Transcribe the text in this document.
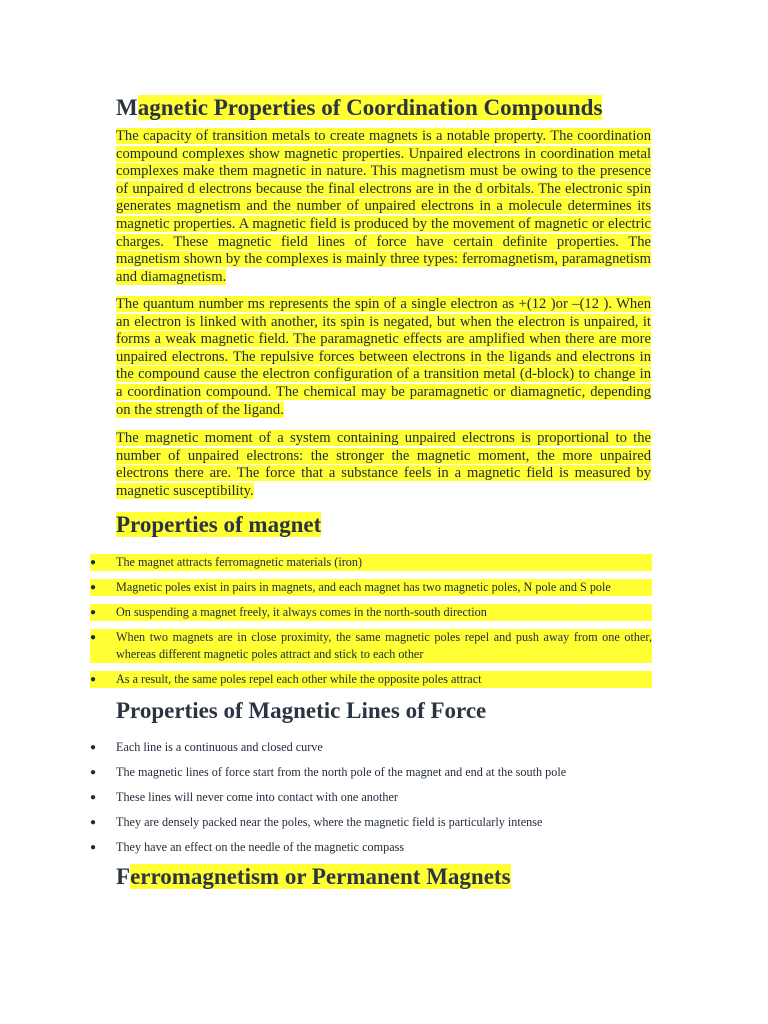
Magnetic Properties of Coordination Compounds

The capacity of transition metals to create magnets is a notable property. The coordination compound complexes show magnetic properties. Unpaired electrons in coordination metal complexes make them magnetic in nature. This magnetism must be owing to the presence of unpaired d electrons because the final electrons are in the d orbitals. The electronic spin generates magnetism and the number of unpaired electrons in a molecule determines its magnetic properties. A magnetic field is produced by the movement of magnetic or electric charges. These magnetic field lines of force have certain definite properties. The magnetism shown by the complexes is mainly three types: ferromagnetism, paramagnetism and diamagnetism.

The quantum number ms represents the spin of a single electron as +(12 )or –(12 ). When an electron is linked with another, its spin is negated, but when the electron is unpaired, it forms a weak magnetic field. The paramagnetic effects are amplified when there are more unpaired electrons. The repulsive forces between electrons in the ligands and electrons in the compound cause the electron configuration of a transition metal (d-block) to change in a coordination compound. The chemical may be paramagnetic or diamagnetic, depending on the strength of the ligand.

The magnetic moment of a system containing unpaired electrons is proportional to the number of unpaired electrons: the stronger the magnetic moment, the more unpaired electrons there are. The force that a substance feels in a magnetic field is measured by magnetic susceptibility.

Properties of magnet
●	The magnet attracts ferromagnetic materials (iron)
●	Magnetic poles exist in pairs in magnets, and each magnet has two magnetic poles, N pole and S pole
●	On suspending a magnet freely, it always comes in the north-south direction
●	When two magnets are in close proximity, the same magnetic poles repel and push away from one other, whereas different magnetic poles attract and stick to each other
●	As a result, the same poles repel each other while the opposite poles attract
Properties of Magnetic Lines of Force
●	Each line is a continuous and closed curve
●	The magnetic lines of force start from the north pole of the magnet and end at the south pole
●	These lines will never come into contact with one another
●	They are densely packed near the poles, where the magnetic field is particularly intense
●	They have an effect on the needle of the magnetic compass
Ferromagnetism or Permanent Magnets
